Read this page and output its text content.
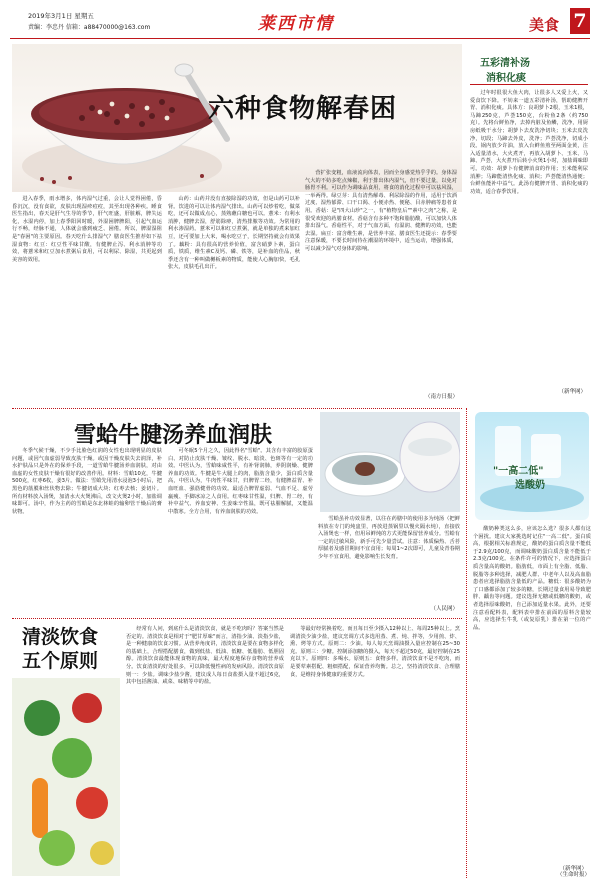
2019年3月1日 星期五
责编：李忠丹 信箱：a88470000@163.com	莱西市情	美食 7
六种食物解春困

进入春季，雨水增多，体内湿气过重，会让人觉得困倦，昏昏沉沉，没有食欲，皮肤出现湿疹痘痘，其至出现各种疾。睡食医生指出，春天是肝气生导的季节，肝气旺盛，肝脏解，脾失运化，水湿内停，加上春季阳回时暖，外湿困脾脾阳，引起气血运行不畅，经脉不通，人体就会感到疲乏、困倦。所以，脾湿湿阻是"春困"的主要原因。春天吃什么排湿气？膳食医生推荐如下祛湿食物：红豆：红豆性平味甘酸，有健脾止泻、利水消肿等功效，将薏米和红豆加水煮粥后食用，可以利尿、除湿，共更起到美容的效用。

山药：山药并没有直接除湿的功效，但是山药可以补肾。饮进的可以让体内湿气排出。山药可以炒着吃，做菜吃，还可以做成点心，蒸熟蘸白糖也可以。薏米：有利水消肿，健脾去湿，舒筋除痹，清热排脓等功效。为常用的利水渗湿药。薏米可以和红豆煮粥，就是单独的煮来加红豆，还可要加上大米，喝水吃豆子，长期坚持就会有效果了。藕粉：具有很高的营养价值，富含硝萝卜素，蛋白质，铁质，维生素C及钙、磷、铁等，是补血的佳品，秋季还含有一种叫做槲板素的物质，能使人心胸加快，毛孔张大，皮肤毛孔出汗。

营扩张变粗，血液流向体表，因而全身感觉热乎乎的。身体湿气大的不妨多吃点辣椒，利于排出体内湿气，但不要过量，以免对肠胃不利。可以作为调味品食用，将食的消化过程中可以祛风湿，一举两得。绿豆芽：具有清热解毒、利尿除湿的作用，适用于饮酒过度、湿热郁滞、口干口渴、小便赤热、便秘、目赤肿痛等患者食用。香菇：是"四大山珍"之一，有"植物皇后""素中之肉"之称，是很受欢迎的药膳食材。香菇含有多种不饱和脂肪酸，可以加快人体排出湿气。香菇性平，对于气血方面，有温润、健脾的功效，也能去湿。扁豆：富含维生素，是营养丰富、膳食医生还提示：春季要注意保暖，不要长时间待在潮湿的环境中，适当运动，增强体质，可以减少湿气对身体的影响。

（南方日报）
五彩清补汤
消积化痰

过年时很很大鱼大肉，让很多人又爱上火，又爱食饮下降。不妨来一道五彩清补汤，帮助健脾开胃、消积化痰。具体方：良胡萝卜2根，玉米1根，马蹄250克，芦荟150克，台粉鱼2条（约750克）。先将台鲜鱼净，去掉内脏及鱼鳞，洗净，用厨房纸吸干水分；胡萝卜去皮洗净切块；玉米去皮洗净，切段；马蹄去外皮，洗净；芦荟洗净，切成小段。锅内放少许油，放入台鲜鱼煎至两面金黄，注入适量清水，大火煮开，再放入胡萝卜、玉米、马蹄、芦荟，大火煮开后转小火煲1小时，加盐调味即可。功效：胡萝卜有健脾消食的作用；玉米能利尿消肿；马蹄能清热化痰、消积；芦荟能清热通便；台鲜鱼能补中益气。此汤有健脾开胃、消积化痰的功效，适合春季饮用。

（新华网）
雪蛤牛腱汤养血润肤

冬季气候干燥，不少手比脸色红润的女性也出现明显的皮肤问题，或因气血虚弱导致皮肤干燥。或因干燥皮肤失去润泽，补水护肤品只是外在的保养手段，一道雪蛤牛腱汤养血润肤，对由血虚的女性皮肤干燥有很好的改善作用。材料：雪蛤10克，牛腱500克，红枣6枚，姜3片。做法：雪蛤先用清水浸泡3小时后，把黑色的筋膜和丝状物去除；牛腱切成大块；红枣去核；姜切片。所有材料放入汤煲，加清水大火煲沸后，改文火煲2小时，加盐调味即可。汤中，作为主药的雪蛤是东北林蛙的输卵管干燥后的膏状物。

可冬眠5个月之久，因此得名"雪蛤"。其含有丰富的胶原蛋白、对防止皮肤干燥、皱纹、脱水、暗淡、色斑等有一定的功效。中医认为，雪蛤味咸性平，有补肾润肺，养阴润燥、健脾养血的功效。牛腱是牛大腿上的肉，脂肪含量少，蛋白质含量高，中医认为，牛肉性平味甘，归脾胃二经，有健脾益胃、补血旺血、强筋健骨的功效。最适合脾胃虚弱、气血不足、虚劳羸瘦、手脚冰凉之人食用。红枣味甘性温，归脾、胃二经，有补中益气、养血安神、生姜味辛性温，既可祛腥解腻，又能温中散寒。全方合用，有养血润肤的功效。

雪蛤虽补功效显著，以往在药膳中的使用多为炖汤（把鲜料放在专门的炖盅里，再放进蒸锅里以慢火隔水炖），直接放入汤煲也一样，但用吊鲜炖的方式更能保留营养成分。雪蛤有一定的过敏风险，新手可先少量尝试。注意：体质偏热、舌苔厚腻者及感冒期间不宜食用；每周1~2次即可，儿童及青春期少年不宜食用，避免影响生长发育。

（人民网）
"一高二低"
选酸奶

酸奶种类这么多，应该怎么选？很多人都有这个困扰。建议大家挑选时记住"一高二低"。蛋白质高，根据相关标准规定，酸奶的蛋白质含量不能低于2.9克/100克，而调味酸奶蛋白质含量不能低于2.3克/100克。在条件许可的情况下，应选择蛋白质含量高的酸奶。脂肪低，市面上有全脂、低脂、脱脂等多种选择，减肥人群、中老年人以及高血脂患者应选择脂肪含量低的产品。糖低：很多酸奶为了口感都添加了较多的糖，长期过量食用易导致肥胖、龋齿等问题。建议选择无糖或低糖的酸奶，或者选择原味酸奶，自己添加适量水果。此外，还要注意看配料表，配料表中排在前面的原料含量较高，应选择生牛乳（或复原乳）排在第一位的产品。

（新华网）
清淡饮食
五个原则

经常有人问，到底什么是清淡饮食，就是不吃肉吗？答案当然是否定的。清淡饮食是相对于"肥甘厚味"而言，清指少油、淡指少盐，是一种健康的饮食习惯。从营养角度讲，清淡饮食是要在食物多样化的基础上，合理搭配膳食，做到低盐、低油、低糖、低脂肪、低胆固醇。清淡饮食最能体现食物的真味，最大程度地保存食物的营养成分。饮食清淡的好处很多，可以降低慢性病的发病风险。清淡饮食原则一：少盐。调味少盐少酱，建议成人每日食盐摄入量不超过6克，其中包括酱油、咸菜、味精等中的盐。

等最好经常换着吃，而且每日至少摄入12种以上、每周25种以上。烹调清淡少油少盐，建议烹调方式多选用蒸、煮、炖、拌等，少用煎、炸、熏、烤等方式。原则二：少油。每人每天烹调油摄入量应控制在25~30克。原则三：少糖。控制添加糖的摄入，每天不超过50克，最好控制在25克以下。原则四：多喝水。原则五：食物多样。清淡饮食不是不吃肉，而是要荤素搭配、粗细搭配，保证营养均衡。总之，坚持清淡饮食、合理膳食，是维持身体健康的重要方式。

（生命时报）
